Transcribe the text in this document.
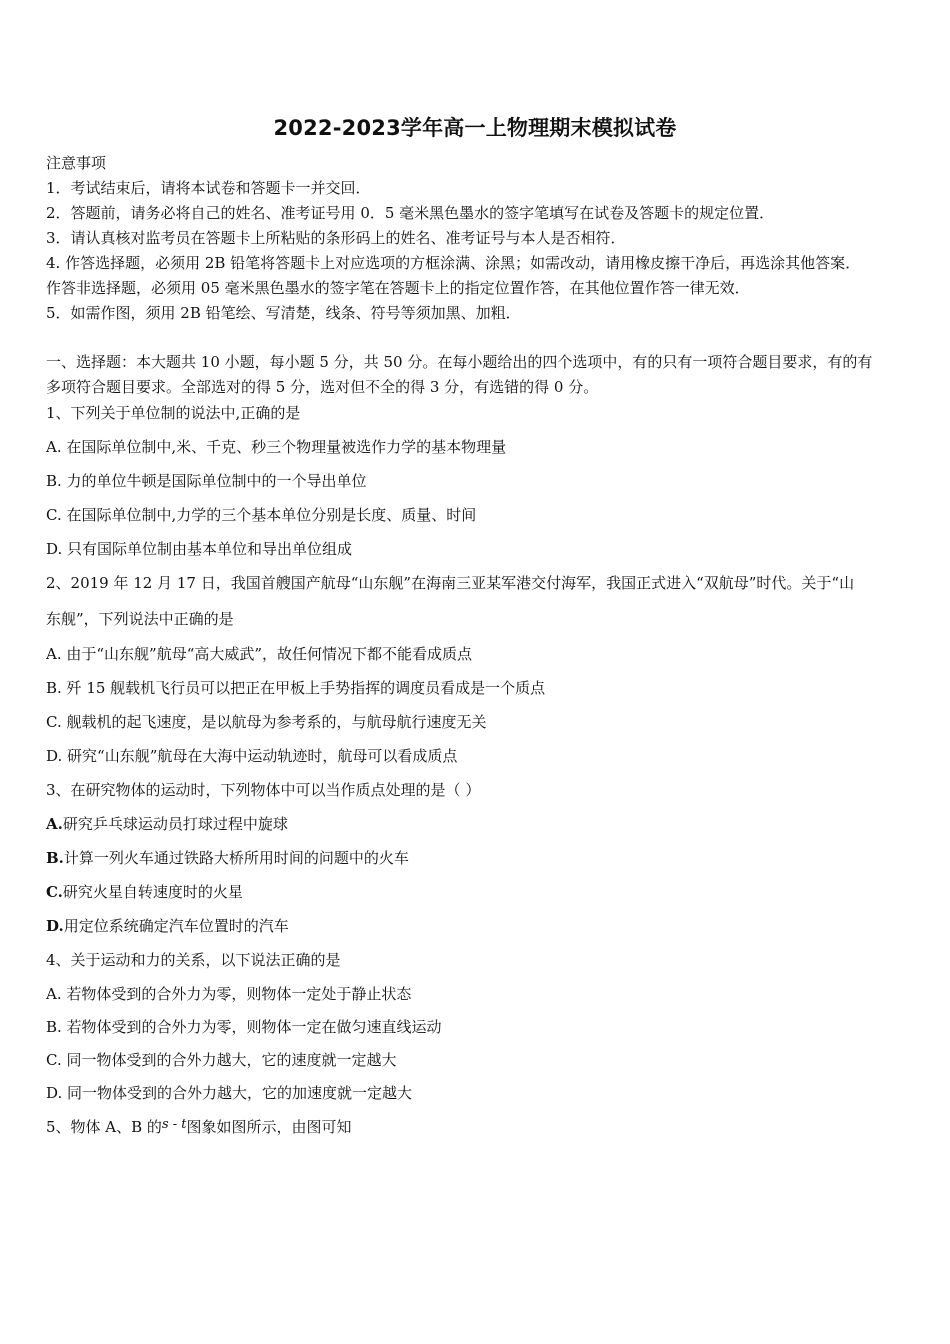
2022-2023学年高一上物理期末模拟试卷
注意事项
1．考试结束后，请将本试卷和答题卡一并交回．
2．答题前，请务必将自己的姓名、准考证号用 0．5 毫米黑色墨水的签字笔填写在试卷及答题卡的规定位置．
3．请认真核对监考员在答题卡上所粘贴的条形码上的姓名、准考证号与本人是否相符．
4. 作答选择题，必须用 2B 铅笔将答题卡上对应选项的方框涂满、涂黑；如需改动，请用橡皮擦干净后，再选涂其他答案．
作答非选择题，必须用 05 毫米黑色墨水的签字笔在答题卡上的指定位置作答，在其他位置作答一律无效．
5．如需作图，须用 2B 铅笔绘、写清楚，线条、符号等须加黑、加粗．
一、选择题：本大题共 10 小题，每小题 5 分，共 50 分。在每小题给出的四个选项中，有的只有一项符合题目要求，有的有
多项符合题目要求。全部选对的得 5 分，选对但不全的得 3 分，有选错的得 0 分。
1、下列关于单位制的说法中,正确的是
A. 在国际单位制中,米、千克、秒三个物理量被选作力学的基本物理量
B. 力的单位牛顿是国际单位制中的一个导出单位
C. 在国际单位制中,力学的三个基本单位分别是长度、质量、时间
D. 只有国际单位制由基本单位和导出单位组成
2、2019 年 12 月 17 日，我国首艘国产航母“山东舰”在海南三亚某军港交付海军，我国正式进入“双航母”时代。关于“山
东舰”，下列说法中正确的是
A. 由于“山东舰”航母“高大威武”，故任何情况下都不能看成质点
B. 歼 15 舰载机飞行员可以把正在甲板上手势指挥的调度员看成是一个质点
C. 舰载机的起飞速度，是以航母为参考系的，与航母航行速度无关
D. 研究“山东舰”航母在大海中运动轨迹时，航母可以看成质点
3、在研究物体的运动时，下列物体中可以当作质点处理的是（ ）
A.研究乒乓球运动员打球过程中旋球
B.计算一列火车通过铁路大桥所用时间的问题中的火车
C.研究火星自转速度时的火星
D.用定位系统确定汽车位置时的汽车
4、关于运动和力的关系，以下说法正确的是
A. 若物体受到的合外力为零，则物体一定处于静止状态
B. 若物体受到的合外力为零，则物体一定在做匀速直线运动
C. 同一物体受到的合外力越大，它的速度就一定越大
D. 同一物体受到的合外力越大，它的加速度就一定越大
5、物体 A、B 的s - t图象如图所示，由图可知
